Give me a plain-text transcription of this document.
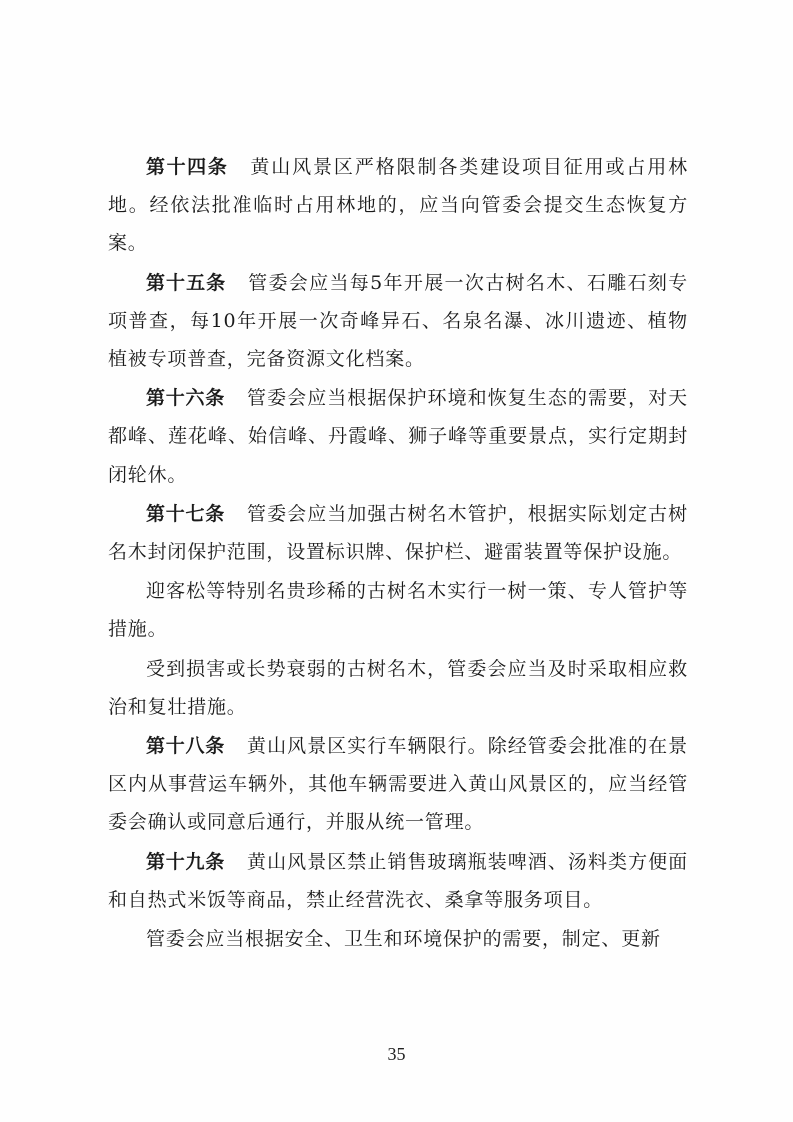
第十四条 黄山风景区严格限制各类建设项目征用或占用林地。经依法批准临时占用林地的，应当向管委会提交生态恢复方案。

第十五条 管委会应当每5年开展一次古树名木、石雕石刻专项普查，每10年开展一次奇峰异石、名泉名瀑、冰川遗迹、植物植被专项普查，完备资源文化档案。

第十六条 管委会应当根据保护环境和恢复生态的需要，对天都峰、莲花峰、始信峰、丹霞峰、狮子峰等重要景点，实行定期封闭轮休。

第十七条 管委会应当加强古树名木管护，根据实际划定古树名木封闭保护范围，设置标识牌、保护栏、避雷装置等保护设施。

迎客松等特别名贵珍稀的古树名木实行一树一策、专人管护等措施。

受到损害或长势衰弱的古树名木，管委会应当及时采取相应救治和复壮措施。

第十八条 黄山风景区实行车辆限行。除经管委会批准的在景区内从事营运车辆外，其他车辆需要进入黄山风景区的，应当经管委会确认或同意后通行，并服从统一管理。

第十九条 黄山风景区禁止销售玻璃瓶装啤酒、汤料类方便面和自热式米饭等商品，禁止经营洗衣、桑拿等服务项目。

管委会应当根据安全、卫生和环境保护的需要，制定、更新

35
